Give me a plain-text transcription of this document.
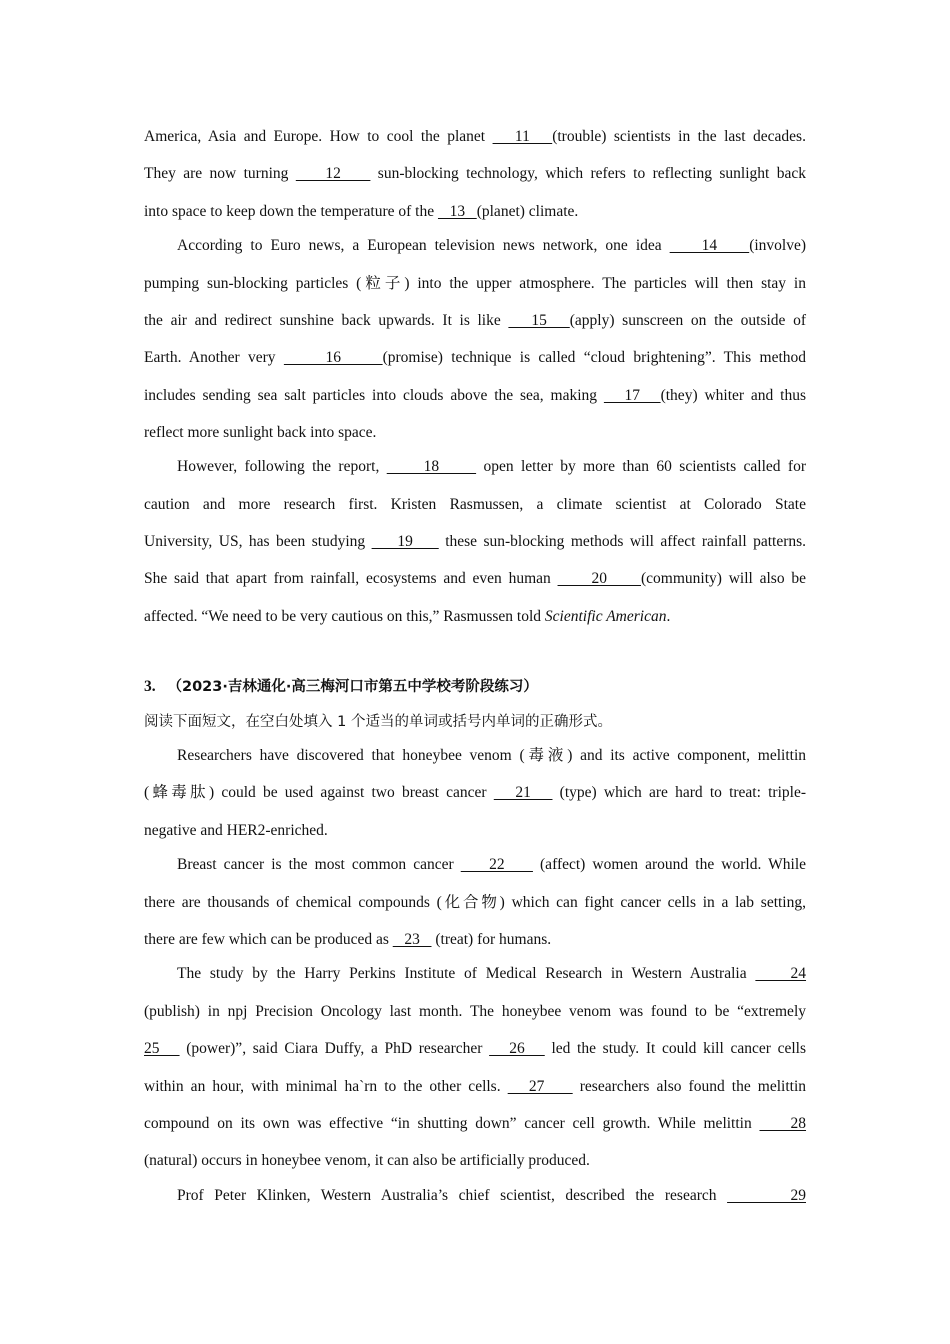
America, Asia and Europe. How to cool the planet    11   (trouble) scientists in the last decades.
They are now turning     12     sun-blocking technology, which refers to reflecting sunlight back
into space to keep down the temperature of the    13   (planet) climate.
According to Euro news, a European television news network, one idea     14    (involve)
pumping sun-blocking particles (粒子) into the upper atmosphere. The particles will then stay in
the air and redirect sunshine back upwards. It is like    15   (apply) sunscreen on the outside of
Earth. Another very      16     (promise) technique is called “cloud brightening”. This method
includes sending sea salt particles into clouds above the sea, making    17   (they) whiter and thus
reflect more sunlight back into space.
However, following the report,      18      open letter by more than 60 scientists called for
caution and more research first. Kristen Rasmussen, a climate scientist at Colorado State
University, US, has been studying     19     these sun-blocking methods will affect rainfall patterns.
She said that apart from rainfall, ecosystems and even human      20     (community) will also be
affected. “We need to be very cautious on this,” Rasmussen told Scientific American.
3. （2023·吉林通化·高三梅河口市第五中学校考阶段练习）
阅读下面短文，在空白处填入 1 个适当的单词或括号内单词的正确形式。
Researchers have discovered that honeybee venom (毒液) and its active component, melittin
(蜂毒肽) could be used against two breast cancer    21    (type) which are hard to treat: triple-
negative and HER2-enriched.
Breast cancer is the most common cancer     22     (affect) women around the world. While
there are thousands of chemical compounds (化合物) which can fight cancer cells in a lab setting,
there are few which can be produced as    23    (treat) for humans.
The study by the Harry Perkins Institute of Medical Research in Western Australia     24
(publish) in npj Precision Oncology last month. The honeybee venom was found to be “extremely
25    (power)”, said Ciara Duffy, a PhD researcher    26    led the study. It could kill cancer cells
within an hour, with minimal ha`rn to the other cells.    27     researchers also found the melittin
compound on its own was effective “in shutting down” cancer cell growth. While melittin     28
(natural) occurs in honeybee venom, it can also be artificially produced.
Prof Peter Klinken, Western Australia’s chief scientist, described the research       29
